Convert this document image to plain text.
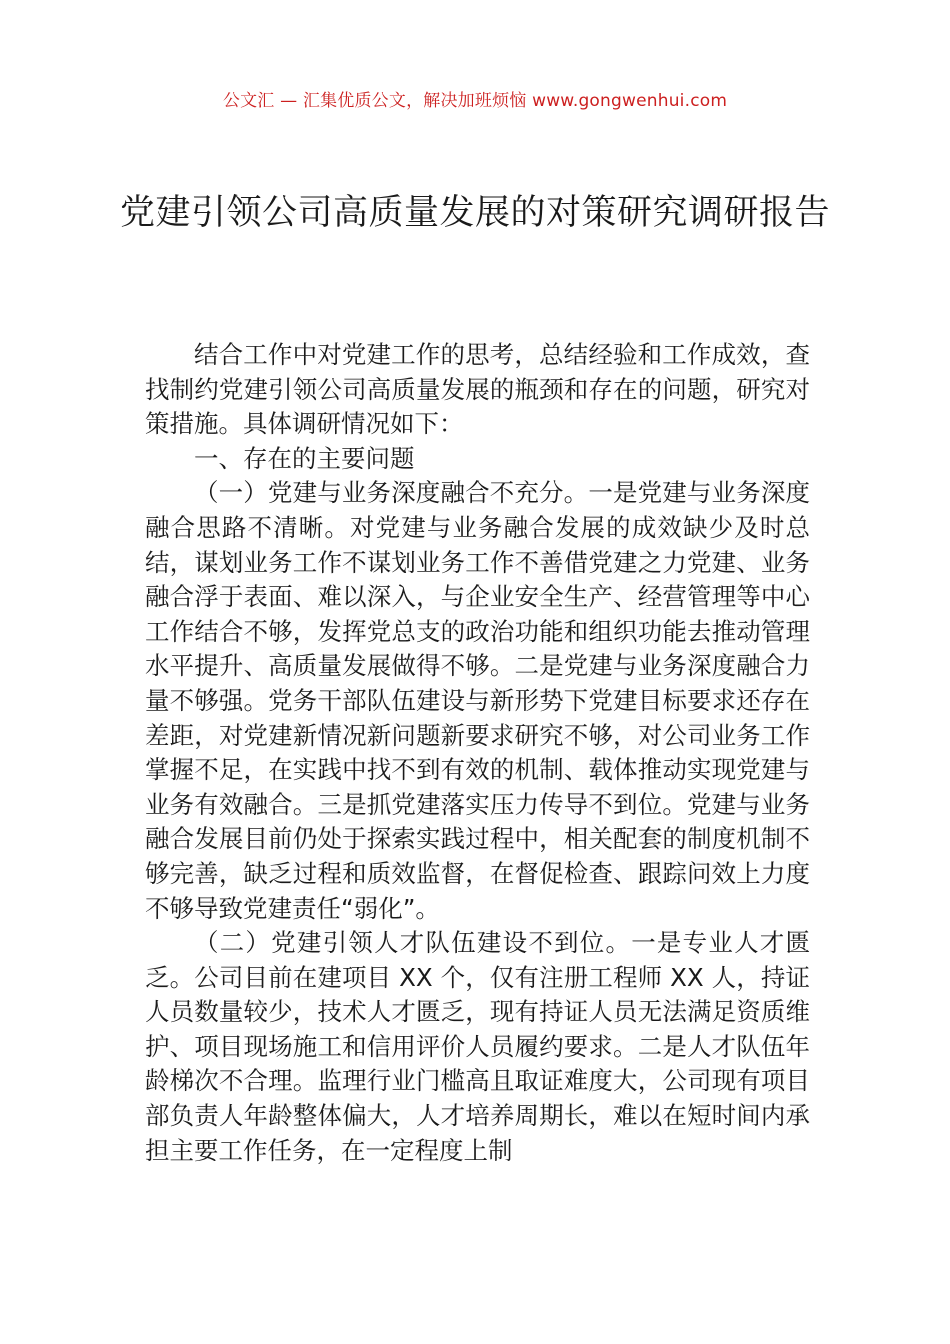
公文汇 — 汇集优质公文，解决加班烦恼 www.gongwenhui.com
党建引领公司高质量发展的对策研究调研报告

结合工作中对党建工作的思考，总结经验和工作成效，查找制约党建引领公司高质量发展的瓶颈和存在的问题，研究对策措施。具体调研情况如下：

一、存在的主要问题

（一）党建与业务深度融合不充分。一是党建与业务深度融合思路不清晰。对党建与业务融合发展的成效缺少及时总结，谋划业务工作不谋划业务工作不善借党建之力党建、业务融合浮于表面、难以深入，与企业安全生产、经营管理等中心工作结合不够，发挥党总支的政治功能和组织功能去推动管理水平提升、高质量发展做得不够。二是党建与业务深度融合力量不够强。党务干部队伍建设与新形势下党建目标要求还存在差距，对党建新情况新问题新要求研究不够，对公司业务工作掌握不足，在实践中找不到有效的机制、载体推动实现党建与业务有效融合。三是抓党建落实压力传导不到位。党建与业务融合发展目前仍处于探索实践过程中，相关配套的制度机制不够完善，缺乏过程和质效监督，在督促检查、跟踪问效上力度不够导致党建责任“弱化”。

（二）党建引领人才队伍建设不到位。一是专业人才匮乏。公司目前在建项目 XX 个，仅有注册工程师 XX 人，持证人员数量较少，技术人才匮乏，现有持证人员无法满足资质维护、项目现场施工和信用评价人员履约要求。二是人才队伍年龄梯次不合理。监理行业门槛高且取证难度大，公司现有项目部负责人年龄整体偏大，人才培养周期长，难以在短时间内承担主要工作任务，在一定程度上制
